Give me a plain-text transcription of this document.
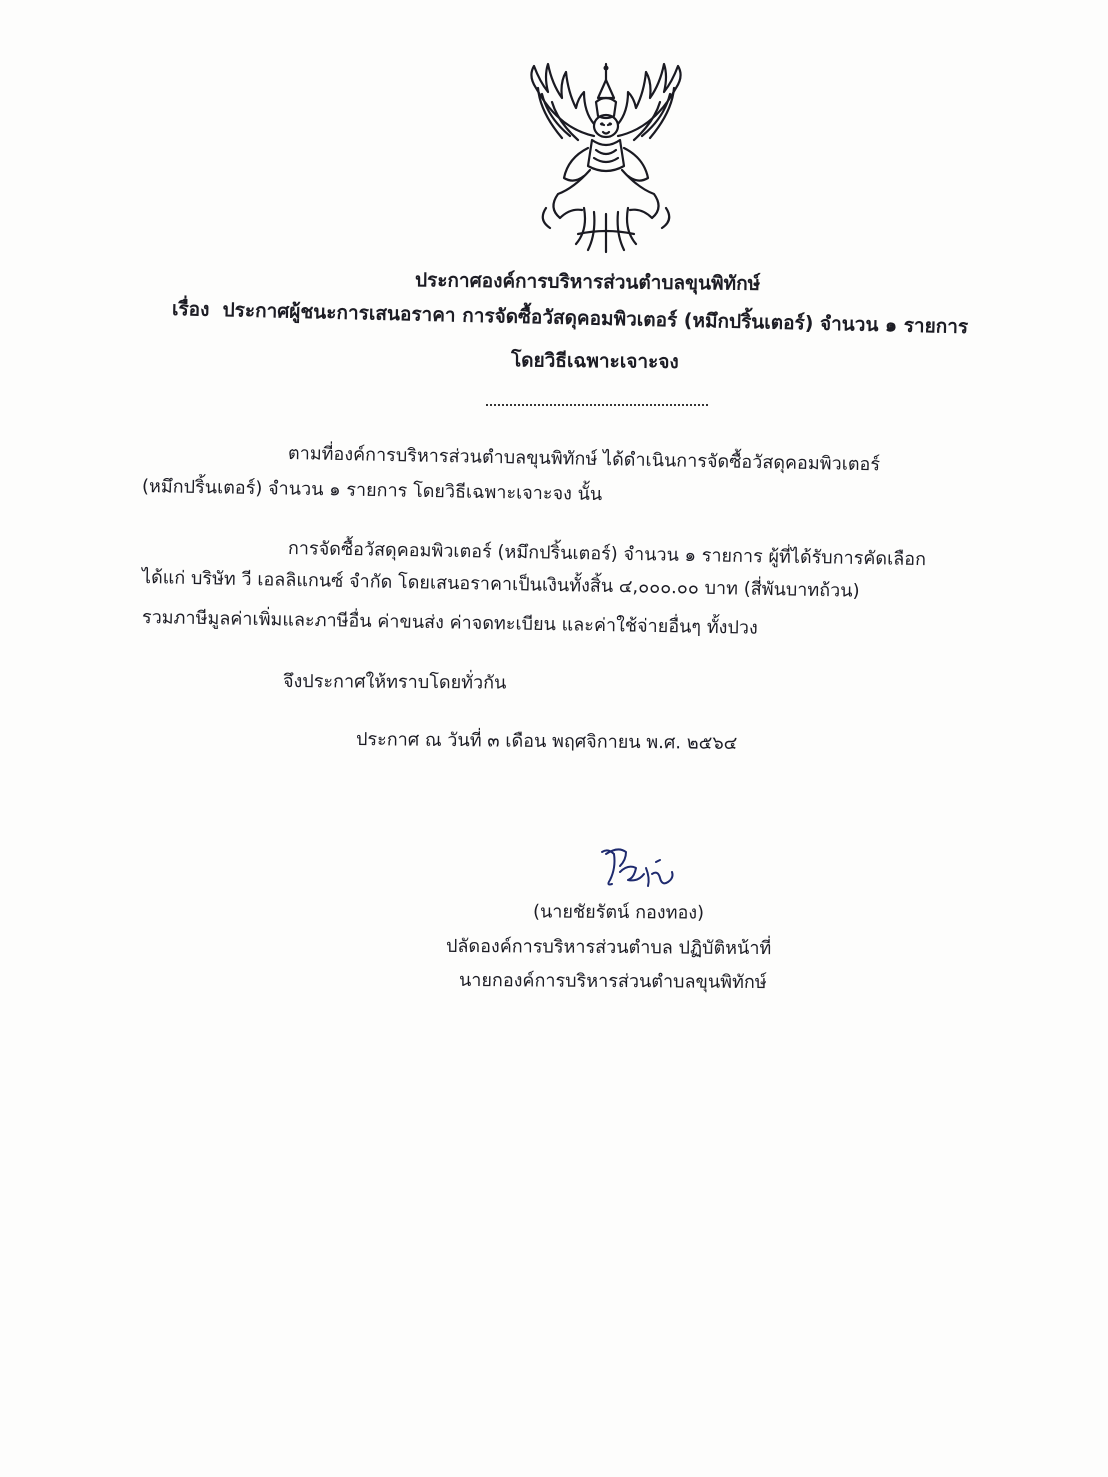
ประกาศองค์การบริหารส่วนตำบลขุนพิทักษ์
เรื่อง ประกาศผู้ชนะการเสนอราคา การจัดซื้อวัสดุคอมพิวเตอร์ (หมึกปริ้นเตอร์) จำนวน ๑ รายการ
โดยวิธีเฉพาะเจาะจง
ตามที่องค์การบริหารส่วนตำบลขุนพิทักษ์ ได้ดำเนินการจัดซื้อวัสดุคอมพิวเตอร์
(หมึกปริ้นเตอร์) จำนวน ๑ รายการ โดยวิธีเฉพาะเจาะจง นั้น
การจัดซื้อวัสดุคอมพิวเตอร์ (หมึกปริ้นเตอร์) จำนวน ๑ รายการ ผู้ที่ได้รับการคัดเลือก
ได้แก่ บริษัท วี เอลลิแกนซ์ จำกัด โดยเสนอราคาเป็นเงินทั้งสิ้น ๔,๐๐๐.๐๐ บาท (สี่พันบาทถ้วน)
รวมภาษีมูลค่าเพิ่มและภาษีอื่น ค่าขนส่ง ค่าจดทะเบียน และค่าใช้จ่ายอื่นๆ ทั้งปวง
จึงประกาศให้ทราบโดยทั่วกัน
ประกาศ ณ วันที่ ๓ เดือน พฤศจิกายน พ.ศ. ๒๕๖๔
(นายชัยรัตน์ กองทอง)
ปลัดองค์การบริหารส่วนตำบล ปฏิบัติหน้าที่
นายกองค์การบริหารส่วนตำบลขุนพิทักษ์
